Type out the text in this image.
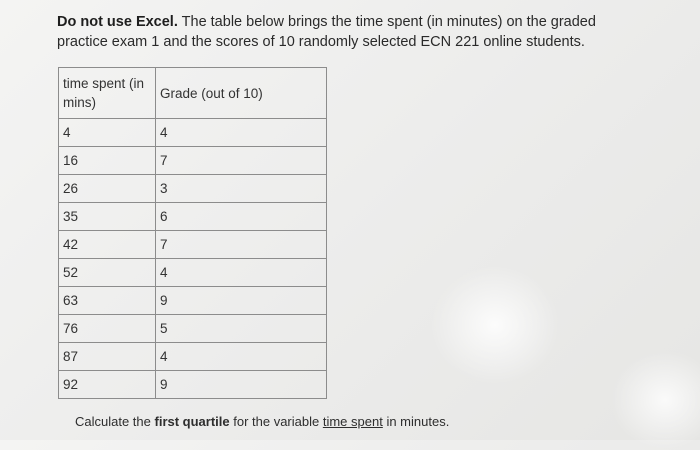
Do not use Excel. The table below brings the time spent (in minutes) on the graded practice exam 1 and the scores of 10 randomly selected ECN 221 online students.
time spent (in mins)	Grade (out of 10)
4	4
16	7
26	3
35	6
42	7
52	4
63	9
76	5
87	4
92	9
Calculate the first quartile for the variable time spent in minutes.
